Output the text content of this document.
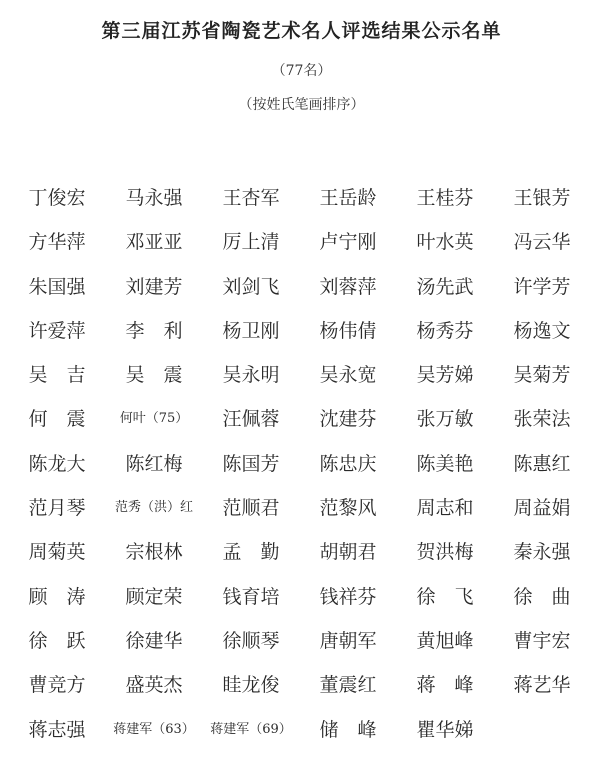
第三届江苏省陶瓷艺术名人评选结果公示名单
（77名）
（按姓氏笔画排序）
丁俊宏	马永强	王杏军	王岳龄	王桂芬	王银芳
方华萍	邓亚亚	厉上清	卢宁刚	叶水英	冯云华
朱国强	刘建芳	刘剑飞	刘蓉萍	汤先武	许学芳
许爱萍	李　利	杨卫刚	杨伟倩	杨秀芬	杨逸文
吴　吉	吴　震	吴永明	吴永宽	吴芳娣	吴菊芳
何　震	何叶（75）	汪佩蓉	沈建芬	张万敏	张荣法
陈龙大	陈红梅	陈国芳	陈忠庆	陈美艳	陈惠红
范月琴	范秀（洪）红	范顺君	范黎风	周志和	周益娟
周菊英	宗根林	孟　勤	胡朝君	贺洪梅	秦永强
顾　涛	顾定荣	钱育培	钱祥芬	徐　飞	徐　曲
徐　跃	徐建华	徐顺琴	唐朝军	黄旭峰	曹宇宏
曹竞方	盛英杰	眭龙俊	董震红	蒋　峰	蒋艺华
蒋志强	蒋建军（63）	蒋建军（69）	储　峰	瞿华娣
